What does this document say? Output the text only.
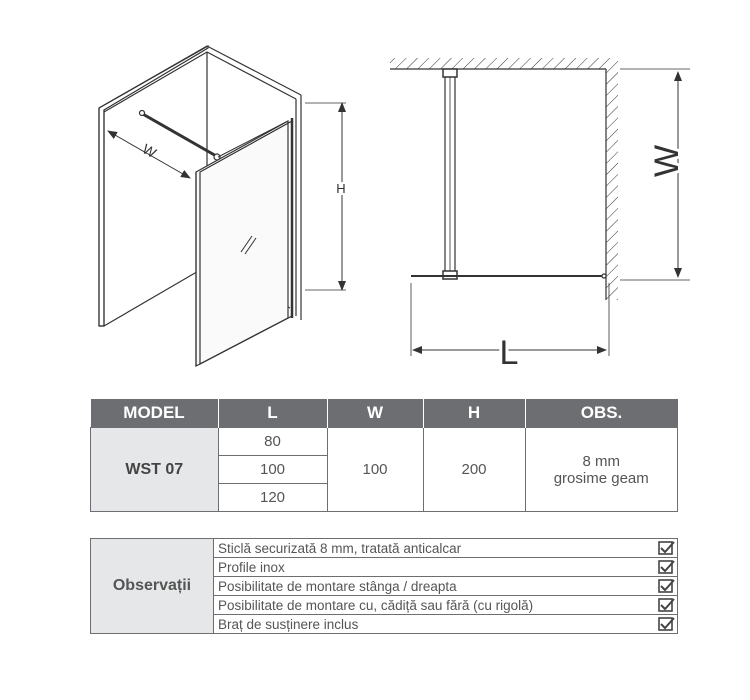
W
H
W
L
MODEL	L	W	H	OBS.
WST 07	80	100	200	8 mm
grosime geam

	100			
	120			
Observații	Sticlă securizată 8 mm, tratată anticalcar	
	Profile inox	
	Posibilitate de montare stânga / dreapta	
	Posibilitate de montare cu, cădiță sau fără (cu rigolă)	
	Braț de susținere inclus	
